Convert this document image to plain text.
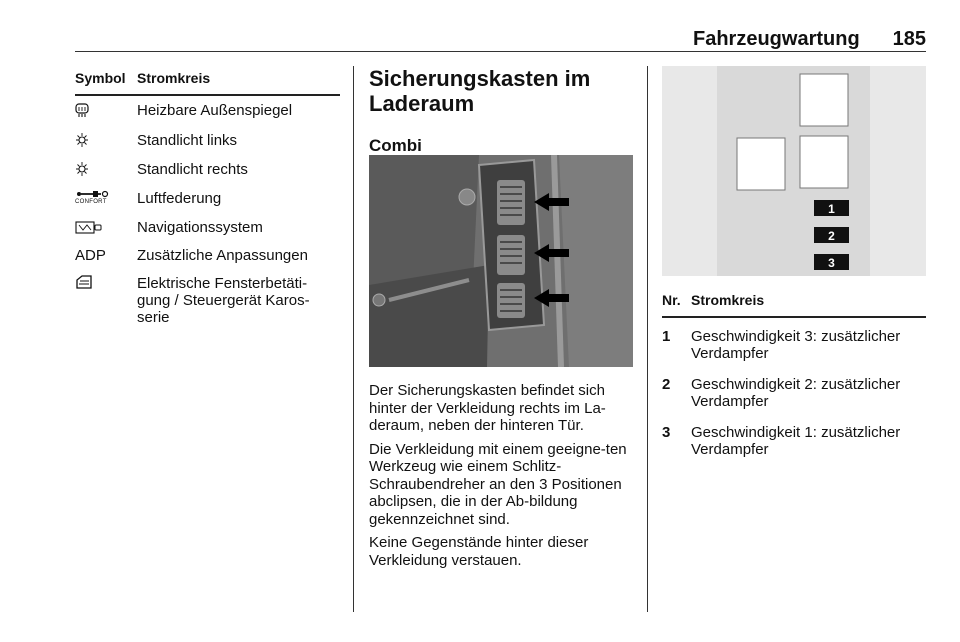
Fahrzeugwartung 185
Symbol Stromkreis
Heizbare Außenspiegel
Standlicht links
Standlicht rechts
CONFORT	Luftfederung
Navigationssystem
ADP	Zusätzliche Anpassungen
Elektrische Fensterbetäti-gung / Steuergerät Karos-serie
Sicherungskasten im Laderaum
Combi

Der Sicherungskasten befindet sich hinter der Verkleidung rechts im La-deraum, neben der hinteren Tür.

Die Verkleidung mit einem geeigne-ten Werkzeug wie einem Schlitz-Schraubendreher an den 3 Positionen abclipsen, die in der Ab-bildung gekennzeichnet sind.

Keine Gegenstände hinter dieser Verkleidung verstauen.

1
2
3
Nr. Stromkreis
1 Geschwindigkeit 3: zusätzlicher Verdampfer
2 Geschwindigkeit 2: zusätzlicher Verdampfer
3 Geschwindigkeit 1: zusätzlicher Verdampfer
